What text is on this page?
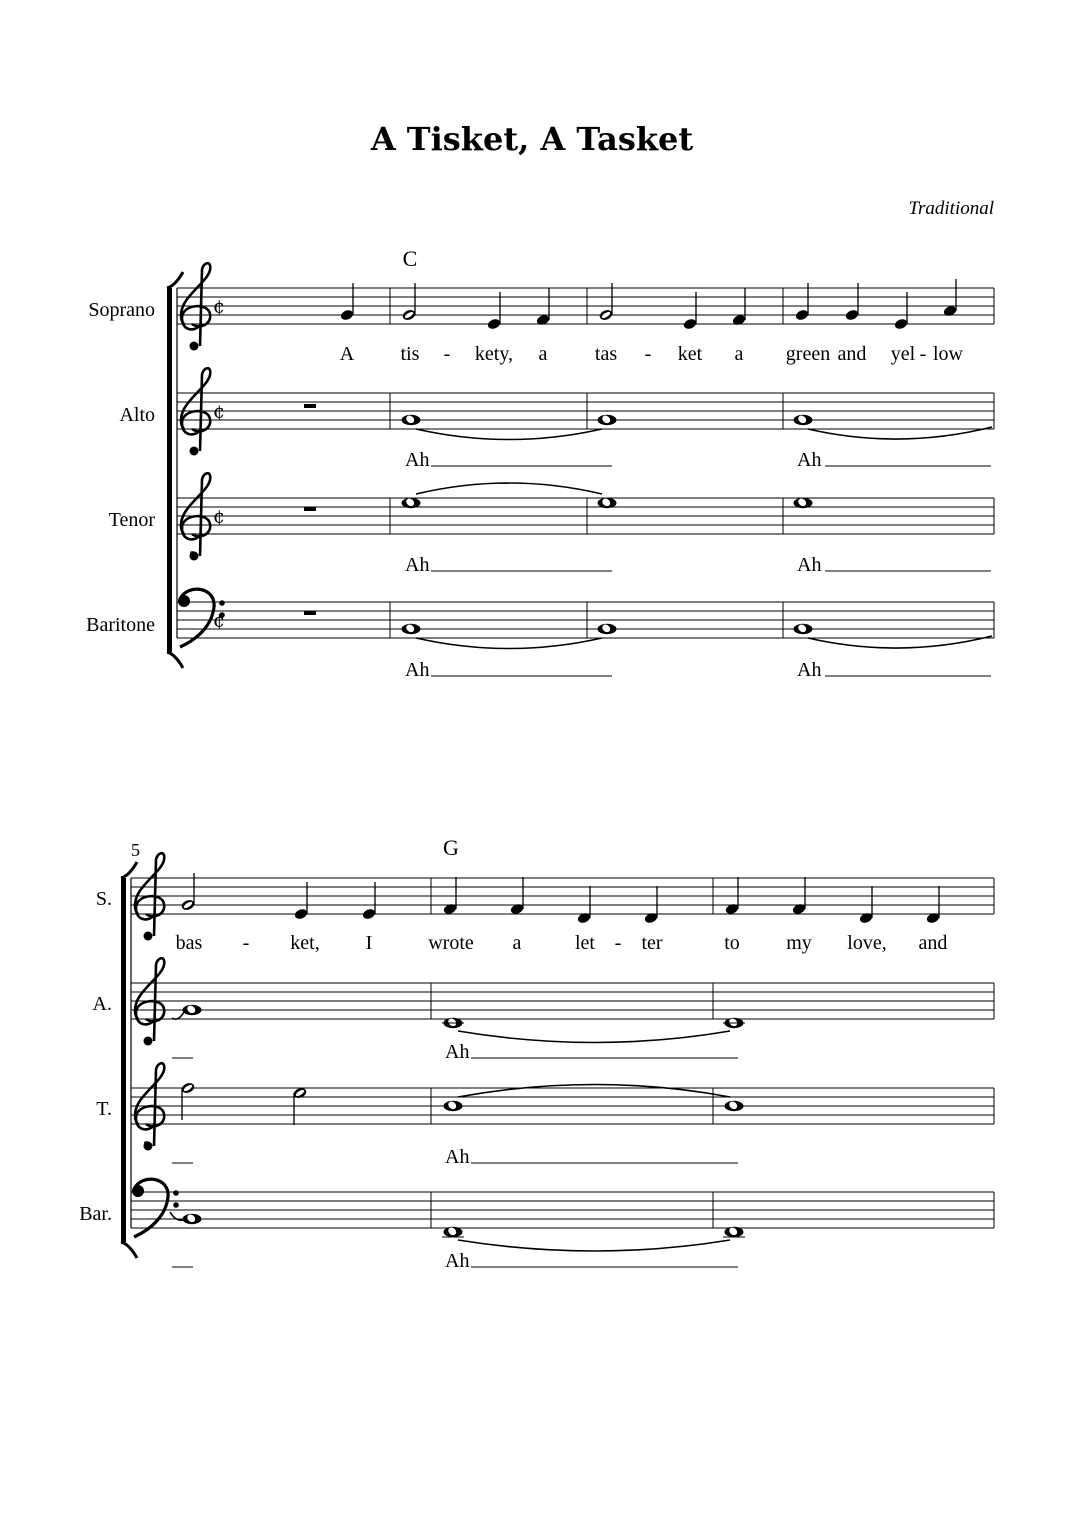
A Tisket, A Tasket
Traditional
C
Soprano	¢
A tis - kety, a tas - ket a green and yel - low
Alto	¢
Ah	Ah
Tenor
8
¢
Ah	Ah
Baritone	¢
Ah	Ah
5	G
S.
bas - ket, I	wrote a	let - ter	to my love, and
A.
Ah
T.
8
Ah
Bar.
Ah
